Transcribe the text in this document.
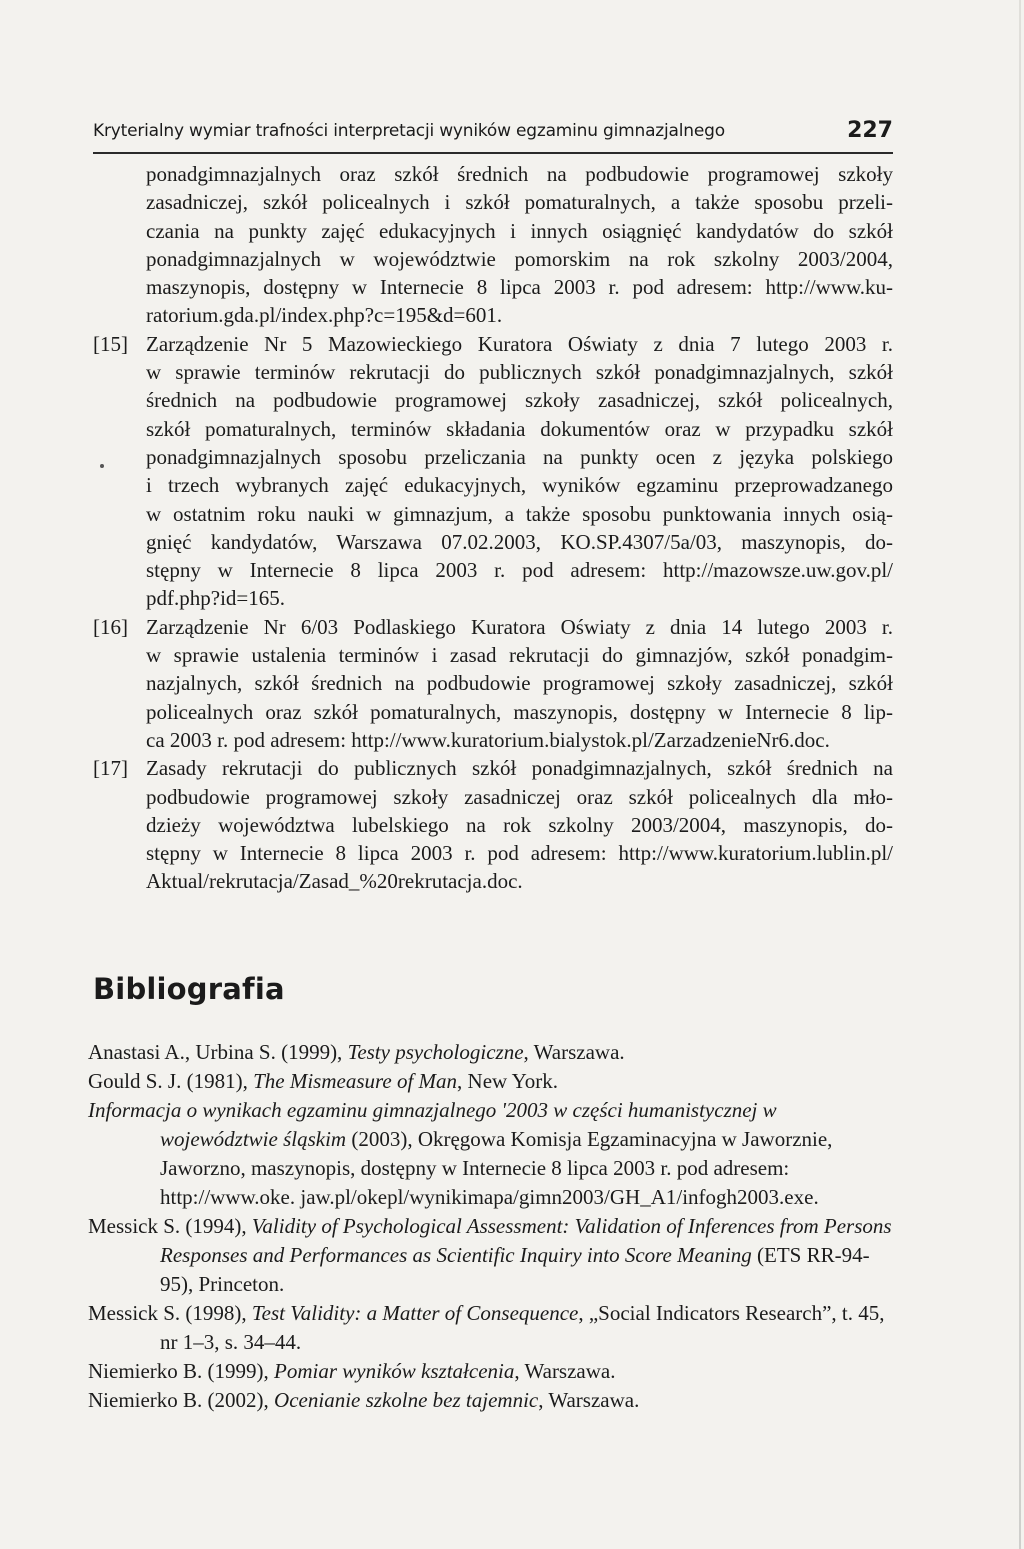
Kryterialny wymiar trafności interpretacji wyników egzaminu gimnazjalnego	227
ponadgimnazjalnych oraz szkół średnich na podbudowie programowej szkoły
zasadniczej, szkół policealnych i szkół pomaturalnych, a także sposobu przeli-
czania na punkty zajęć edukacyjnych i innych osiągnięć kandydatów do szkół
ponadgimnazjalnych w województwie pomorskim na rok szkolny 2003/2004,
maszynopis, dostępny w Internecie 8 lipca 2003 r. pod adresem: http://www.ku-
ratorium.gda.pl/index.php?c=195&d=601.
[15] Zarządzenie Nr 5 Mazowieckiego Kuratora Oświaty z dnia 7 lutego 2003 r.
w sprawie terminów rekrutacji do publicznych szkół ponadgimnazjalnych, szkół
średnich na podbudowie programowej szkoły zasadniczej, szkół policealnych,
szkół pomaturalnych, terminów składania dokumentów oraz w przypadku szkół
ponadgimnazjalnych sposobu przeliczania na punkty ocen z języka polskiego
i trzech wybranych zajęć edukacyjnych, wyników egzaminu przeprowadzanego
w ostatnim roku nauki w gimnazjum, a także sposobu punktowania innych osią-
gnięć kandydatów, Warszawa 07.02.2003, KO.SP.4307/5a/03, maszynopis, do-
stępny w Internecie 8 lipca 2003 r. pod adresem: http://mazowsze.uw.gov.pl/
pdf.php?id=165.
[16] Zarządzenie Nr 6/03 Podlaskiego Kuratora Oświaty z dnia 14 lutego 2003 r.
w sprawie ustalenia terminów i zasad rekrutacji do gimnazjów, szkół ponadgim-
nazjalnych, szkół średnich na podbudowie programowej szkoły zasadniczej, szkół
policealnych oraz szkół pomaturalnych, maszynopis, dostępny w Internecie 8 lip-
ca 2003 r. pod adresem: http://www.kuratorium.bialystok.pl/ZarzadzenieNr6.doc.
[17] Zasady rekrutacji do publicznych szkół ponadgimnazjalnych, szkół średnich na
podbudowie programowej szkoły zasadniczej oraz szkół policealnych dla mło-
dzieży województwa lubelskiego na rok szkolny 2003/2004, maszynopis, do-
stępny w Internecie 8 lipca 2003 r. pod adresem: http://www.kuratorium.lublin.pl/
Aktual/rekrutacja/Zasad_%20rekrutacja.doc.
Bibliografia
Anastasi A., Urbina S. (1999), Testy psychologiczne, Warszawa.
Gould S. J. (1981), The Mismeasure of Man, New York.
Informacja o wynikach egzaminu gimnazjalnego '2003 w części humanistycznej w województwie śląskim (2003), Okręgowa Komisja Egzaminacyjna w Jaworznie, Jaworzno, maszynopis, dostępny w Internecie 8 lipca 2003 r. pod adresem: http://www.oke. jaw.pl/okepl/wynikimapa/gimn2003/GH_A1/infogh2003.exe.
Messick S. (1994), Validity of Psychological Assessment: Validation of Inferences from Persons Responses and Performances as Scientific Inquiry into Score Meaning (ETS RR-94-95), Princeton.
Messick S. (1998), Test Validity: a Matter of Consequence, „Social Indicators Research”, t. 45, nr 1–3, s. 34–44.
Niemierko B. (1999), Pomiar wyników kształcenia, Warszawa.
Niemierko B. (2002), Ocenianie szkolne bez tajemnic, Warszawa.
